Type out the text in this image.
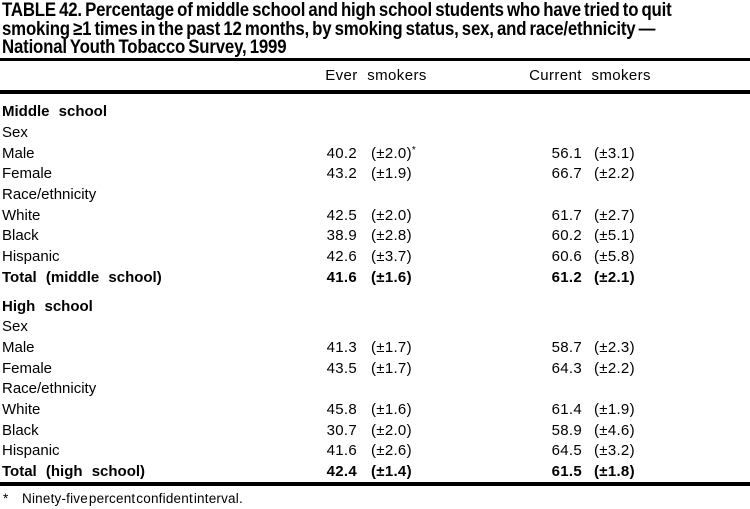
TABLE 42. Percentage of middle school and high school students who have tried to quit
smoking ≥1 times in the past 12 months, by smoking status, sex, and race/ethnicity —
National Youth Tobacco Survey, 1999
Ever smokers	Current smokers
Middle school
Sex
Male	40.2 (±2.0)*	56.1 (±3.1)
Female	43.2 (±1.9)	66.7 (±2.2)
Race/ethnicity
White	42.5 (±2.0)	61.7 (±2.7)
Black	38.9 (±2.8)	60.2 (±5.1)
Hispanic	42.6 (±3.7)	60.6 (±5.8)
Total (middle school)	41.6 (±1.6)	61.2 (±2.1)
High school
Sex
Male	41.3 (±1.7)	58.7 (±2.3)
Female	43.5 (±1.7)	64.3 (±2.2)
Race/ethnicity
White	45.8 (±1.6)	61.4 (±1.9)
Black	30.7 (±2.0)	58.9 (±4.6)
Hispanic	41.6 (±2.6)	64.5 (±3.2)
Total (high school)	42.4 (±1.4)	61.5 (±1.8)
* Ninety-five percent confident interval.
